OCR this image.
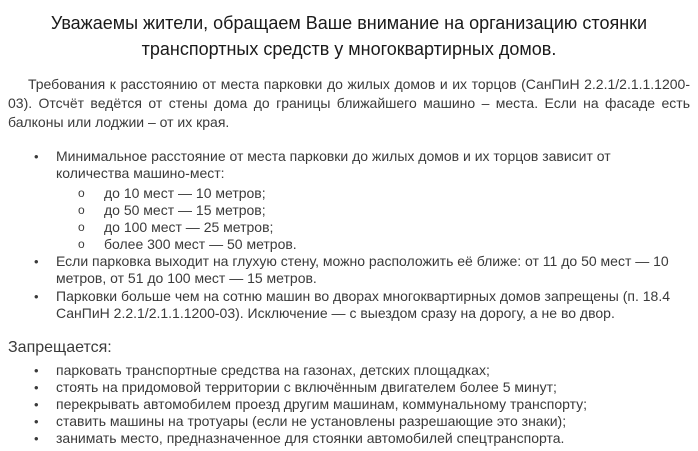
Уважаемы жители, обращаем Ваше внимание на организацию стоянки
транспортных средств у многоквартирных домов.
Требования к расстоянию от места парковки до жилых домов и их торцов (СанПиН 2.2.1/2.1.1.1200-03). Отсчёт ведётся от стены дома до границы ближайшего машино – места. Если на фасаде есть балконы или лоджии – от их края.
• Минимальное расстояние от места парковки до жилых домов и их торцов зависит от количества машино-мест:
o до 10 мест — 10 метров;
o до 50 мест — 15 метров;
o до 100 мест — 25 метров;
o более 300 мест — 50 метров.
• Если парковка выходит на глухую стену, можно расположить её ближе: от 11 до 50 мест — 10 метров, от 51 до 100 мест — 15 метров.
• Парковки больше чем на сотню машин во дворах многоквартирных домов запрещены (п. 18.4 СанПиН 2.2.1/2.1.1.1200-03). Исключение — с выездом сразу на дорогу, а не во двор.
Запрещается:
• парковать транспортные средства на газонах, детских площадках;
• стоять на придомовой территории с включённым двигателем более 5 минут;
• перекрывать автомобилем проезд другим машинам, коммунальному транспорту;
• ставить машины на тротуары (если не установлены разрешающие это знаки);
• занимать место, предназначенное для стоянки автомобилей спецтранспорта.
